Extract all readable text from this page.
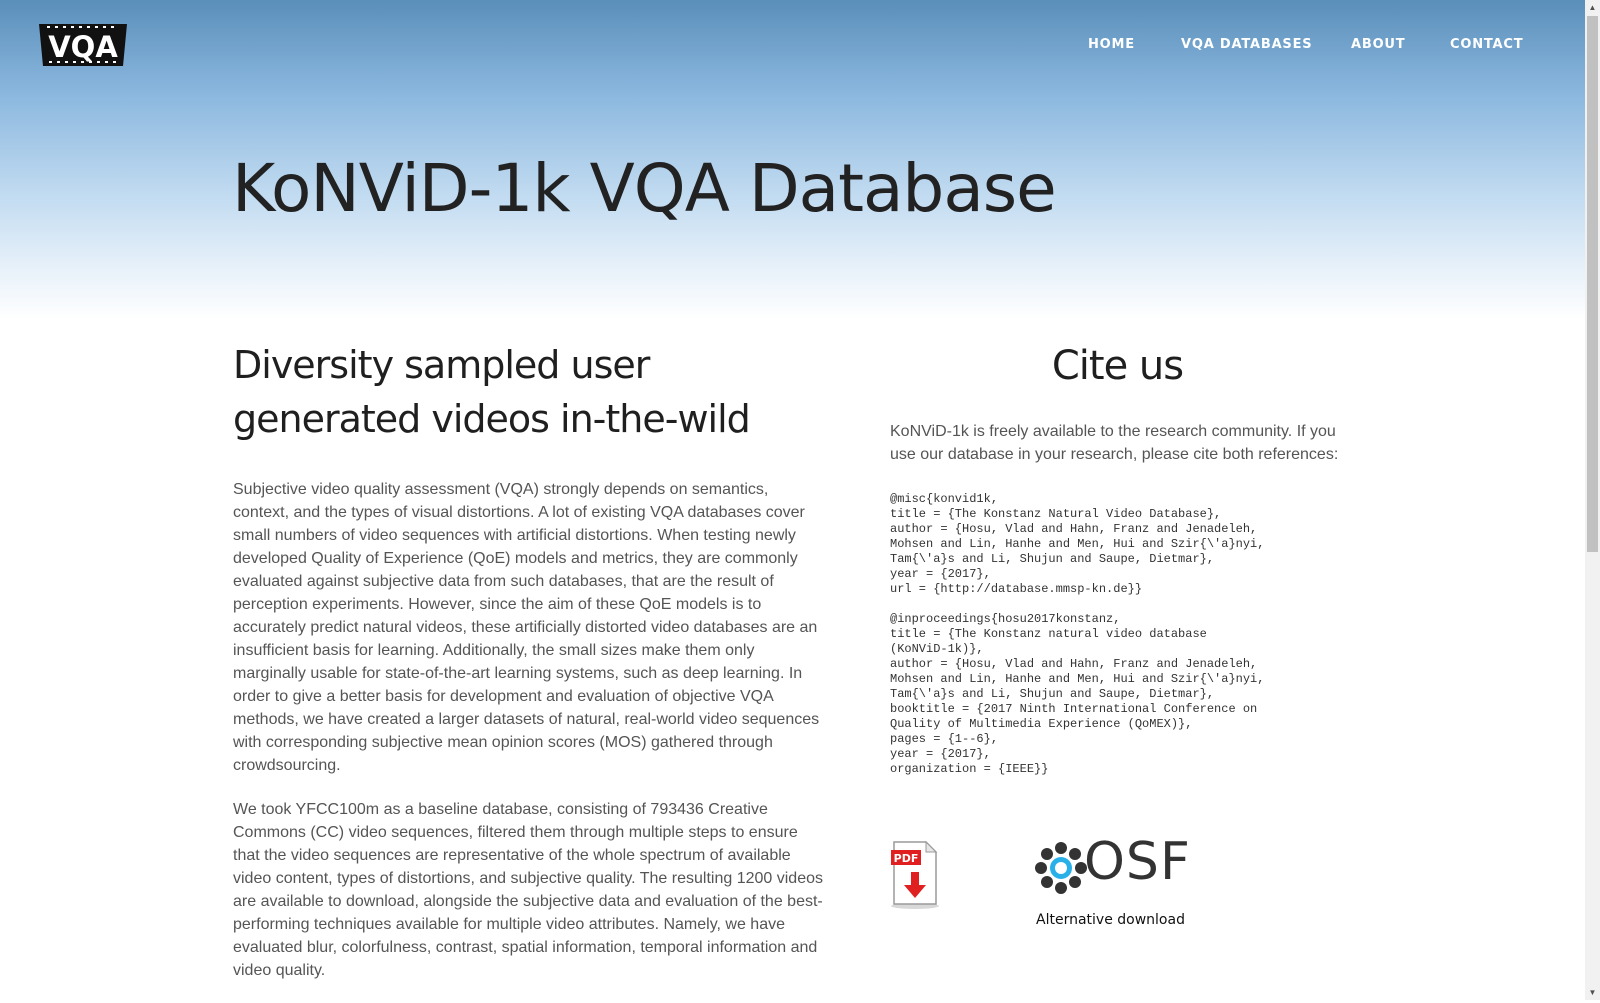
VQA	HOME	VQA DATABASES	ABOUT	CONTACT
KoNViD-1k VQA Database
Diversity sampled user generated videos in-the-wild

Subjective video quality assessment (VQA) strongly depends on semantics, context, and the types of visual distortions. A lot of existing VQA databases cover small numbers of video sequences with artificial distortions. When testing newly developed Quality of Experience (QoE) models and metrics, they are commonly evaluated against subjective data from such databases, that are the result of perception experiments. However, since the aim of these QoE models is to accurately predict natural videos, these artificially distorted video databases are an insufficient basis for learning. Additionally, the small sizes make them only marginally usable for state-of-the-art learning systems, such as deep learning. In order to give a better basis for development and evaluation of objective VQA methods, we have created a larger datasets of natural, real-world video sequences with corresponding subjective mean opinion scores (MOS) gathered through crowdsourcing.

We took YFCC100m as a baseline database, consisting of 793436 Creative Commons (CC) video sequences, filtered them through multiple steps to ensure that the video sequences are representative of the whole spectrum of available video content, types of distortions, and subjective quality. The resulting 1200 videos are available to download, alongside the subjective data and evaluation of the best-performing techniques available for multiple video attributes. Namely, we have evaluated blur, colorfulness, contrast, spatial information, temporal information and video quality.

Cite us

KoNViD-1k is freely available to the research community. If you use our database in your research, please cite both references:

@misc{konvid1k,
title = {The Konstanz Natural Video Database},
author = {Hosu, Vlad and Hahn, Franz and Jenadeleh,
Mohsen and Lin, Hanhe and Men, Hui and Szir{\'a}nyi,
Tam{\'a}s and Li, Shujun and Saupe, Dietmar},
year = {2017},
url = {http://database.mmsp-kn.de}}
@inproceedings{hosu2017konstanz,
title = {The Konstanz natural video database
(KoNViD-1k)},
author = {Hosu, Vlad and Hahn, Franz and Jenadeleh,
Mohsen and Lin, Hanhe and Men, Hui and Szir{\'a}nyi,
Tam{\'a}s and Li, Shujun and Saupe, Dietmar},
booktitle = {2017 Ninth International Conference on
Quality of Multimedia Experience (QoMEX)},
pages = {1--6},
year = {2017},
organization = {IEEE}}
PDF	OSF
Alternative download
▲
▼
